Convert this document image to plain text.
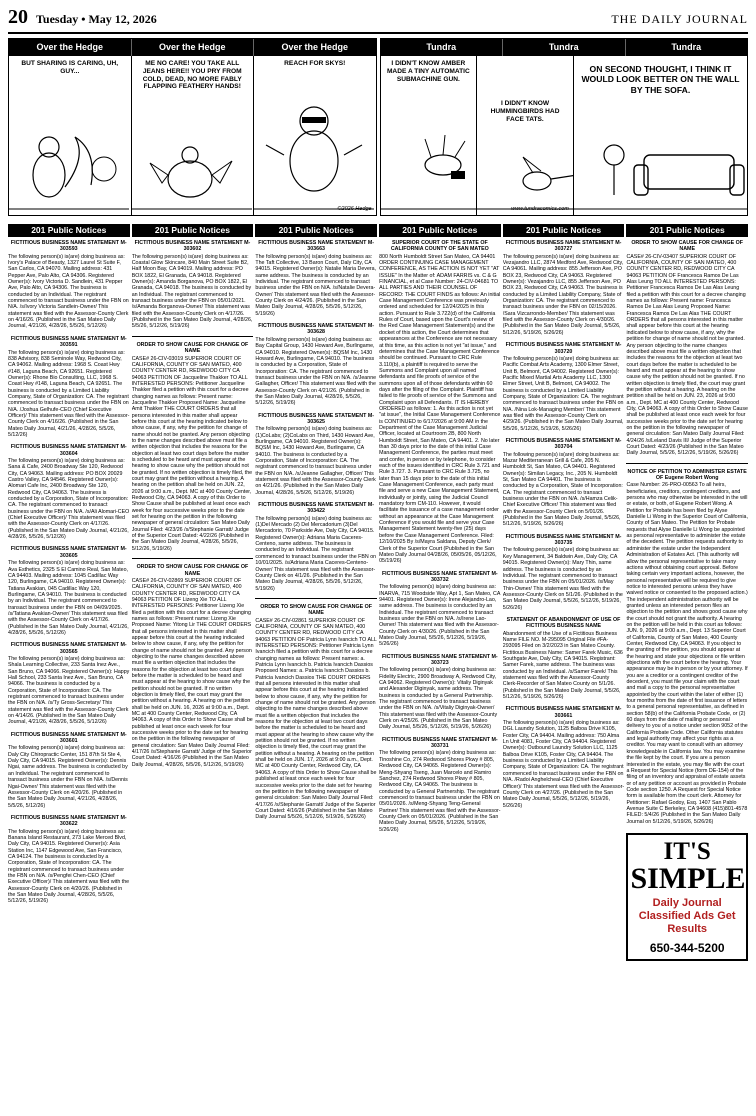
20 Tuesday • May 12, 2026	THE DAILY JOURNAL
Over the Hedge	Over the Hedge	Over the Hedge
BUT SHARING IS CARING, UH, GUY...
ME NO CARE! YOU TAKE ALL JEANS HERE!! YOU PRY FROM COLD, DEAD, NO MORE FABLY FLAPPING FEATHERY HANDS!
REACH FOR SKYS!
©2026 Hedge
Tundra	Tundra	Tundra
I DIDN'T KNOW AMBER MADE A TINY AUTOMATIC SUBMACHINE GUN.
I DIDN'T KNOW HUMMINGBIRDS HAD FACE TATS.
www.tundracomics.com
ON SECOND THOUGHT, I THINK IT WOULD LOOK BETTER ON THE WALL BY THE SOFA.
201 Public Notices
FICTITIOUS BUSINESS NAME STATEMENT M-303593

The following person(s) is(are) doing business as: Ivory's Palace of Beauty, 1327 Laurel St Suite F, San Carlos, CA 94070. Mailing address: 431 Pepper Ave, Palo Alto, CA 94306. Registered Owner(s): Ivory Victoria D. Sandlein, 431 Pepper Ave, Palo Alto, CA 94306. The business is conducted by an Individual. The registrant commenced to transact business under the FBN on N/A. /s/Ivory Victoria Sandlein-Owner/ This statement was filed with the Assessor-County Clerk on 4/16/26. (Published in the San Mateo Daily Journal, 4/21/26, 4/28/26, 5/5/26, 5/12/26)

FICTITIOUS BUSINESS NAME STATEMENT M-303591

The following person(s) is(are) doing business as: 838 Advisory, 838 Seminole Way, Redwood City, CA 94062. Mailing address: 1968 S. Coast Hwy #148, Laguna Beach, CA 92651. Registered Owner(s): Rhone Bio Consulting, LLC, 1968 S. Coast Hwy #148, Laguna Beach, CA 92651. The business is conducted by a Limited Liability Company, State of Organization: CA. The registrant commenced to transact business under the FBN on N/A. /Joshua Gelhufe-CEO (Chief Executive Officer)/ This statement was filed with the Assessor-County Clerk on 4/16/26. (Published in the San Mateo Daily Journal, 4/21/26, 4/28/26, 5/5/26, 5/12/26)

FICTITIOUS BUSINESS NAME STATEMENT M-303604

The following person(s) is(are) doing business as: Sana & Cafe, 2400 Broadway Ste 120, Redwood City, CA 94063. Mailing address: PO BOX 20029 Castro Valley, CA 94546. Registered Owner(s): Alomari Cafe Inc, 2400 Broadway Ste 120, Redwood City, CA 94063. The business is conducted by a Corporation, State of Incorporation: CA. The registrant commenced to transact business under the FBN on N/A. /s/Ali Alomari-CEO (Chief Executive Officer)/ This statement was filed with the Assessor-County Clerk on 4/17/26. (Published in the San Mateo Daily Journal, 4/21/26, 4/28/26, 5/5/26, 5/12/26)

FICTITIOUS BUSINESS NAME STATEMENT M-303605

The following person(s) is(are) doing business as: Ava Esthetics, 2325 S El Camino Real, San Mateo, CA 94403. Mailing address: 1045 Cadillac Way 120, Burlingame, CA 94010. Registered Owner(s): Tatiana Avakian, 045 Cadillac Way 120, Burlingame, CA 94010. The business is conducted by an Individual. The registrant commenced to transact business under the FBN on 04/09/2025. /s/Tatiana Avakian-Owner/ This statement was filed with the Assessor-County Clerk on 4/17/26. (Published in the San Mateo Daily Journal, 4/21/26, 4/28/26, 5/5/26, 5/12/26)

FICTITIOUS BUSINESS NAME STATEMENT M-303565

The following person(s) is(are) doing business as: Shala Learning Collective, 233 Santa Inez Ave., San Bruno, CA 94066. Registered Owner(s): Happy Hall School, 233 Santa Inez Ave., San Bruno, CA 94066. The business is conducted by a Corporation, State of Incorporation: CA. The registrant commenced to transact business under the FBN on N/A. /s/Ty Gross-Secretary/ This statement was filed with the Assessor-County Clerk on 4/14/26. (Published in the San Mateo Daily Journal, 4/21/26, 4/28/26, 5/5/26, 5/12/26)

FICTITIOUS BUSINESS NAME STATEMENT M-303601

The following person(s) is(are) doing business as: Daly City Chiropractic Center, 151 87th St Ste 4, Daly City, CA 94015. Registered Owner(s): Dennis Ngai, same address. The business is conducted by an Individual. The registrant commenced to transact business under the FBN on N/A. /s/Dennis Ngai-Owner/ This statement was filed with the Assessor-County Clerk on 4/20/26. (Published in the San Mateo Daily Journal, 4/21/26, 4/28/26, 5/5/26, 5/12/26)

FICTITIOUS BUSINESS NAME STATEMENT M-303622

The following person(s) is(are) doing business as: Banana Island Restaurant, 273 Lake Merced Blvd, Daly City, CA 94015. Registered Owner(s): Asia Station Inc, 1147 Edgewood Ave, San Francisco, CA 94124. The business is conducted by a Corporation, State of Incorporation: CA. The registrant commenced to transact business under the FBN on N/A. /s/Pengfei Chen-CEO (Chief Executive Officer)/ This statement was filed with the Assessor-County Clerk on 4/20/26. (Published in the San Mateo Daily Journal, 4/28/26, 5/5/26, 5/12/26, 5/19/26)

201 Public Notices
FICTITIOUS BUSINESS NAME STATEMENT M-303602

The following person(s) is(are) doing business as: Coastal Glow Skincare, 840 Main Street Suite B2, Half Moon Bay, CA 94019. Mailing address: PO BOX 1822, El Granada, CA 94018. Registered Owner(s): Amanda Borganova, PO BOX 1822, El Granada, CA 94018. The business is conducted by an Individual. The registrant commenced to transact business under the FBN on 05/01/2021. /s/Amanda Borganova-Owner/ This statement was filed with the Assessor-County Clerk on 4/17/26. (Published in the San Mateo Daily Journal, 4/28/26, 5/5/26, 5/12/26, 5/19/26)

ORDER TO SHOW CAUSE FOR CHANGE OF NAME

CASE# 26-CIV-03019 SUPERIOR COURT OF CALIFORNIA, COUNTY OF SAN MATEO, 400 COUNTY CENTER RD, REDWOOD CITY CA 94063 PETITION OF Jacqueline Thakker TO ALL INTERESTED PERSONS: Petitioner Jacqueline Thakker filed a petition with this court for a decree changing names as follows: Present name: Jacqueline Thakker Proposed Name: Jacqueline Amit Thakker THE COURT ORDERS that all persons interested in this matter shall appear before this court at the hearing indicated below to show cause, if any, why the petition for change of name should not be granted. Any person objecting to the name changes described above must file a written objection that includes the reasons for the objection at least two court days before the matter is scheduled to be heard and must appear at the hearing to show cause why the petition should not be granted. If no written objection is timely filed, the court may grant the petition without a hearing. A hearing on the petition shall be held on JUN. 22, 2026 at 9:00 a.m., Dept. MC at 400 County Center, Redwood City, CA 94063. A copy of this Order to Show Cause shall be published at least once each week for four successive weeks prior to the date set for hearing on the petition in the following newspaper of general circulation: San Mateo Daily Journal Filed: 4/23/26 /s/Stephanie Garratt/ Judge of the Superior Court Dated: 4/22/26 (Published in the San Mateo Daily Journal, 4/28/26, 5/5/26, 5/12/26, 5/19/26)

ORDER TO SHOW CAUSE FOR CHANGE OF NAME

CASE# 26-CIV-02869 SUPERIOR COURT OF CALIFORNIA, COUNTY OF SAN MATEO, 400 COUNTY CENTER RD, REDWOOD CITY CA 94063 PETITION OF Lizeng Xie TO ALL INTERESTED PERSONS: Petitioner Lizeng Xie filed a petition with this court for a decree changing names as follows: Present name: Lizeng Xie Proposed Name: Yitong Lir THE COURT ORDERS that all persons interested in this matter shall appear before this court at the hearing indicated below to show cause, if any, why the petition for change of name should not be granted. Any person objecting to the name changes described above must file a written objection that includes the reasons for the objection at least two court days before the matter is scheduled to be heard and must appear at the hearing to show cause why the petition should not be granted. If no written objection is timely filed, the court may grant the petition without a hearing. A hearing on the petition shall be held on JUN. 16, 2026 at 9:00 a.m., Dept. MC at 400 County Center, Redwood City, CA 94063. A copy of this Order to Show Cause shall be published at least once each week for four successive weeks prior to the date set for hearing on the petition in the following newspaper of general circulation: San Mateo Daily Journal Filed: 4/17/26 /s/Stephanie Garratt/ Judge of the Superior Court Dated: 4/16/26 (Published in the San Mateo Daily Journal, 4/28/26, 5/5/26, 5/12/26, 5/19/26)

201 Public Notices
FICTITIOUS BUSINESS NAME STATEMENT M-303663

The following person(s) is(are) doing business as: The Taft Collective, 13 Baron Court, Daly City, CA 94015. Registered Owner(s): Natalie Maria Devera, same address. The business is conducted by an Individual. The registrant commenced to transact business under the FBN on N/A. /s/Natalie Devera-Owner/ This statement was filed with the Assessor-County Clerk on 4/24/26. (Published in the San Mateo Daily Journal, 4/28/26, 5/5/26, 5/12/26, 5/19/26)

FICTITIOUS BUSINESS NAME STATEMENT M-303628

The following person(s) is(are) doing business as: Bay Capital Group, 1430 Howard Ave, Burlingame, CA 94010. Registered Owner(s): BQSM Inc, 1430 Howard Ave, Burlingame, CA 94010. The business is conducted by a Corporation, State of Incorporation: CA. The registrant commenced to transact business under the FBN on N/A. /s/Jeanne Gallagher, Officer/ This statement was filed with the Assessor-County Clerk on 4/21/26. (Published in the San Mateo Daily Journal, 4/28/26, 5/5/26, 5/12/26, 5/19/26)

FICTITIOUS BUSINESS NAME STATEMENT M-303625

The following person(s) is(are) doing business as: (1)CoLabs; (2)CoLabs on Third, 1430 Howard Ave, Burlingame, CA 94010. Registered Owner(s): BQSM Inc, 1430 Howard Ave, Burlingame, CA 94010. The business is conducted by a Corporation, State of Incorporation: CA. The registrant commenced to transact business under the FBN on N/A. /s/Jeanne Gallagher, Officer/ This statement was filed with the Assessor-County Clerk on 4/21/26. (Published in the San Mateo Daily Journal, 4/28/26, 5/5/26, 5/12/26, 5/19/26)

FICTITIOUS BUSINESS NAME STATEMENT M-303422

The following person(s) is(are) doing business as: (1)Del Mercado (2) Del Mercadorium (3)Del Mercadorio, 70 Parkside Ave, Daly City, CA 94015. Registered Owner(s): Adriana Maria Caceres-Centeno, same address. The business is conducted by an Individual. The registrant commenced to transact business under the FBN on 10/01/2025. /s/Adriana Maria Caceres-Centeno-Owner/ This statement was filed with the Assessor-County Clerk on 4/1/26. (Published in the San Mateo Daily Journal, 4/28/26, 5/5/26, 5/12/26, 5/19/26)

ORDER TO SHOW CAUSE FOR CHANGE OF NAME

CASE# 26-CIV-02861 SUPERIOR COURT OF CALIFORNIA, COUNTY OF SAN MATEO, 400 COUNTY CENTER RD, REDWOOD CITY CA 94063 PETITION OF Patricia Lynn Ivancich TO ALL INTERESTED PERSONS: Petitioner Patricia Lynn Ivancich filed a petition with this court for a decree changing names as follows: Present names: a. Patricia Lynn Ivancich b. Patricia Ivancich Dassios Proposed Names: a. Patricia Ivancich Dassios b. Patricia Ivancich Dassios THE COURT ORDERS that all persons interested in this matter shall appear before this court at the hearing indicated below to show cause, if any, why the petition for change of name should not be granted. Any person objecting to the name changes described above must file a written objection that includes the reasons for the objection at least two court days before the matter is scheduled to be heard and must appear at the hearing to show cause why the petition should not be granted. If no written objection is timely filed, the court may grant the petition without a hearing. A hearing on the petition shall be held on JUN. 17, 2026 at 9:00 a.m., Dept. MC at 400 County Center, Redwood City, CA 94063. A copy of this Order to Show Cause shall be published at least once each week for four successive weeks prior to the date set for hearing on the petition in the following newspaper of general circulation: San Mateo Daily Journal Filed: 4/17/26 /s/Stephanie Garratt/ Judge of the Superior Court Dated: 4/16/26 (Published in the San Mateo Daily Journal 5/5/26, 5/12/26, 5/19/26, 5/26/26)

201 Public Notices
SUPERIOR COURT OF THE STATE OF CALIFORNIA COUNTY OF SAN MATEO

800 North Humboldt Street San Mateo, CA 94401 ORDER CONTINUING CASE MANAGEMENT CONFERENCE, AS THE ACTION IS NOT YET "AT ISSUE" In the Matter of: ADAM FARRIS vs. C & G FINANCIAL, et al Case Number: 24-CIV-04681 TO ALL PARTIES AND THEIR COUNSEL OF RECORD: THE COURT FINDS as follows: An initial Case Management Conference was previously ordered and scheduled for 12/24/2025 in this action. Pursuant to Rule 3.722(d) of the California Rules of Court, based upon the Court's review of the Red Case Management Statement(s) and the docket of this action, the Court determines that appearances at the Conference are not necessary at this time, as this action is not yet "at issue," and determines that the Case Management Conference should be continued. Pursuant to CRC Rule 3.110(b), a plaintiff is required to serve the Summons and Complaint upon all named defendants and file proofs of service of the summons upon all of those defendants within 60 days after the filing of the Complaint. Plaintiff has failed to file proofs of service of the Summons and Complaint upon all Defendants. IT IS HEREBY ORDERED as follows: 1. As this action is not yet "at issue", the Initial Case Management Conference is CONTINUED to 6/17/2026 at 9:00 AM in the Department of the Case Management Judicial Officer, located at Courtroom 2B, 800 North Humboldt Street, San Mateo, CA 94401. 2. No later than 30 days prior to the date of this initial Case Management Conference, the parties must meet and confer, in person or by telephone, to consider each of the issues identified in CRC Rule 3.721 and Rule 3.727. 3. Pursuant to CRC Rule 3.725, no later than 15 days prior to the date of this initial Case Management Conference, each party must file and serve a new Case Management Statement, individually or jointly, using the Judicial Council mandatory form CM-110. However, it would facilitate the issuance of a case management order without an appearance at the Case Management Conference if you would file and serve your Case Management Statement twenty-five (25) days before the Case Management Conference. Filed: 12/10/2025 By /s/Mayra Saldana, Deputy Clerk/ Clerk of the Superior Court (Published in the San Mateo Daily Journal 04/28/26, 05/05/26, 05/12/26, 05/19/26)

FICTITIOUS BUSINESS NAME STATEMENT M-303732

The following person(s) is(are) doing business as: INARVA, 715 Woodside Way, Apt 1, San Mateo, CA 94401. Registered Owner(s): Irene Alejandro-Lao, same address. The business is conducted by an Individual. The registrant commenced to transact business under the FBN on N/A. /s/Irene Lao-Owner/ This statement was filed with the Assessor-County Clerk on 4/30/26. (Published in the San Mateo Daily Journal, 5/5/26, 5/12/26, 5/19/26, 5/26/26)

FICTITIOUS BUSINESS NAME STATEMENT M-303723

The following person(s) is(are) doing business as: Fidelity Electric, 2900 Broadway A, Redwood City, CA 94062. Registered Owner(s): Vitaliy Diginyak and Alexander Diginyak, same address. The business is conducted by a General Partnership. The registrant commenced to transact business under the FBN on N/A. /s/Vitaliy Diginyak-Owner/ This statement was filed with the Assessor-County Clerk on 4/25/26. (Published in the San Mateo Daily Journal, 5/5/26, 5/12/26, 5/19/26, 5/26/26)

FICTITIOUS BUSINESS NAME STATEMENT M-303731

The following person(s) is(are) doing business as: Tinoshine Co, 274 Redwood Shores Pkwy # 805, Redwood City, CA 94065. Registered Owner(s): Meng-Shyang Tseng, Juan Marcelo and Ramiro Sanchez, 274 Redwood Shores Pkwy # 805, Redwood City, CA 94065. The business is conducted by a General Partnership. The registrant commenced to transact business under the FBN on 05/01/2026. /s/Meng-Shyang Teng-General Partner/ This statement was filed with the Assessor-County Clerk on 05/01/2026. (Published in the San Mateo Daily Journal, 5/5/26, 5/12/26, 5/19/26, 5/26/26)

201 Public Notices
FICTITIOUS BUSINESS NAME STATEMENT M-303727

The following person(s) is(are) doing business as: Vezajandro LLC, 2874 Medford Ave, Redwood City, CA 94061. Mailing address: 855 Jefferson Ave, PO BOX 23, Redwood City, CA 94063. Registered Owner(s): Vezajandro LLC, 855 Jefferson Ave, PO BOX 23, Redwood City, CA 94063. The business is conducted by a Limited Liability Company, State of Organization: CA. The registrant commenced to transact business under the FBN on 02/15/2026. /Sara Vizcarrondo-Member/ This statement was filed with the Assessor-County Clerk on 4/30/26. (Published in the San Mateo Daily Journal, 5/5/26, 5/12/26, 5/19/26, 5/26/26)

FICTITIOUS BUSINESS NAME STATEMENT M-303720

The following person(s) is(are) doing business as: Pacific Combat Arts Academy, 1300 Elmer Street, Unit B, Belmont, CA 94002. Registered Owner(s): Pacific Mixed Martial Arts Academy LLC, 1300 Elmer Street, Unit B, Belmont, CA 94002. The business is conducted by a Limited Liability Company, State of Organization: CA. The registrant commenced to transact business under the FBN on N/A. /Nina Lok-Managing Member/ This statement was filed with the Assessor-County Clerk on 4/29/26. (Published in the San Mateo Daily Journal, 5/5/26, 5/12/26, 5/19/26, 5/26/26)

FICTITIOUS BUSINESS NAME STATEMENT M-303704

The following person(s) is(are) doing business as: Mazar Mediterranean Grill & Cafe, 205 N. Humboldt St, San Mateo, CA 94401. Registered Owner(s): Similan Legacy, Inc., 205 N. Humboldt St, San Mateo CA 94401. The business is conducted by a Corporation, State of Incorporation: CA. The registrant commenced to transact business under the FBN on N/A. /s/Hamza Celik-Chief Executive Officer/ This statement was filed with the Assessor-County Clerk on 5/01/26. (Published in the San Mateo Daily Journal, 5/5/26, 5/12/26, 5/19/26, 5/26/26)

FICTITIOUS BUSINESS NAME STATEMENT M-303735

The following person(s) is(are) doing business as: Key Management, 34 Baldwin Ave, Daly City, CA 94015. Registered Owner(s): Mary Thin, same address. The business is conducted by an Individual. The registrant commenced to transact business under the FBN on 05/01/2026. /s/May Thin-Owner/ This statement was filed with the Assessor-County Clerk on 5/1/26. (Published in the San Mateo Daily Journal, 5/5/26, 5/12/26, 5/19/26, 5/26/26)

STATEMENT OF ABANDONMENT OF USE OF FICTITIOUS BUSINESS NAME

Abandonment of the Use of a Fictitious Business Name FILE NO. M-295095 Original File #FA-293095 Filed on 3/2/2023 in San Mateo County. Fictitious Business Name: Samer Farek Music, 636 Southgate Ave, Daly City, CA 94015. Registrant: Samer Farek, same address. The business was conducted by an Individual. /s/Samer Farek/ This statement was filed with the Assessor-County Clerk-Recorder of San Mateo County on 5/1/26. (Published in the San Mateo Daily Journal, 5/5/26, 5/12/26, 5/19/26, 5/26/26)

FICTITIOUS BUSINESS NAME STATEMENT M-303661

The following person(s) is(are) doing business as: DGL Laundry Solution, 1125 Balboa Drive K105, Foster City, CA 94404. Mailing address: 750 Alma Ln Unit 4081, Foster City, CA 94404. Registered Owner(s): Outbound Laundry Solution LLC, 1125 Balboa Drive K105, Foster City, CA 94404. The business is conducted by a Limited Liability Company, State of Organization: CA. The registrant commenced to transact business under the FBN on N/A. /Radoi Anghelcheal-CEO (Chief Executive Officer)/ This statement was filed with the Assessor-County Clerk on 4/27/26. (Published in the San Mateo Daily Journal, 5/5/26, 5/12/26, 5/19/26, 5/26/26)

201 Public Notices
ORDER TO SHOW CAUSE FOR CHANGE OF NAME

CASE# 26-CIV-03407 SUPERIOR COURT OF CALIFORNIA, COUNTY OF SAN MATEO, 400 COUNTY CENTER RD, REDWOOD CITY CA 94063 PETITION OF Francesca Ramos De Las Alas Leung TO ALL INTERESTED PERSONS: Petitioner Francesca Ramos De Las Alas Leung filed a petition with this court for a decree changing names as follows: Present name: Francesca Ramos De Las Alas Leung Proposed Name: Francesca Ramos De Las Alas THE COURT ORDERS that all persons interested in this matter shall appear before this court at the hearing indicated below to show cause, if any, why the petition for change of name should not be granted. Any person objecting to the name changes described above must file a written objection that includes the reasons for the objection at least two court days before the matter is scheduled to be heard and must appear at the hearing to show cause why the petition should not be granted. If no written objection is timely filed, the court may grant the petition without a hearing. A hearing on the petition shall be held on JUN. 23, 2026 at 9:00 a.m., Dept. MC at 400 County Center, Redwood City, CA 94063. A copy of this Order to Show Cause shall be published at least once each week for four successive weeks prior to the date set for hearing on the petition in the following newspaper of general circulation: San Mateo Daily Journal Filed: 4/24/26 /s/Leland Davis III/ Judge of the Superior Court Dated: 4/23/26 (Published in the San Mateo Daily Journal, 5/5/26, 5/12/26, 5/19/26, 5/26/26)

NOTICE OF PETITION TO ADMINISTER ESTATE OF Eugene Robert Wong

Case Number: 26-PRO-00563 To all heirs, beneficiaries, creditors, contingent creditors, and persons who may otherwise be interested in the will or estate, or both, of Eugene Robert Wong. A Petition for Probate has been filed by Alyse Danielle Li Wong in the Superior Court of California, County of San Mateo. The Petition for Probate requests that Alyse Danielle Li Wong be appointed as personal representative to administer the estate of the decedent. The petition requests authority to administer the estate under the Independent Administration of Estates Act. (This authority will allow the personal representative to take many actions without obtaining court approval. Before taking certain very important actions, however, the personal representative will be required to give notice to interested persons unless they have waived notice or consented to the proposed action.) The independent administration authority will be granted unless an interested person files an objection to the petition and shows good cause why the court should not grant the authority. A hearing on the petition will be held in this court as follows: JUN. 9, 2026 at 9:00 a.m., Dept. 13 Superior Court of California, County of San Mateo, 400 County Center, Redwood City, CA 94063. If you object to the granting of the petition, you should appear at the hearing and state your objections or file written objections with the court before the hearing. Your appearance may be in person or by your attorney. If you are a creditor or a contingent creditor of the decedent, you must file your claim with the court and mail a copy to the personal representative appointed by the court within the later of either (1) four months from the date of first issuance of letters to a general personal representative, as defined in section 58(b) of the California Probate Code, or (2) 60 days from the date of mailing or personal delivery to you of a notice under section 9052 of the California Probate Code. Other California statutes and legal authority may affect your rights as a creditor. You may want to consult with an attorney knowledgeable in California law. You may examine the file kept by the court. If you are a person interested in the estate, you may file with the court a Request for Special Notice (form DE-154) of the filing of an inventory and appraisal of estate assets or of any petition or account as provided in Probate Code section 1250. A Request for Special Notice form is available from the court clerk. Attorney for Petitioner: Rafael Godoy, Esq. 1407 San Pablo Avenue Suite C Berkeley, CA 94608 (415)801-4578 FILED: 5/4/26 (Published in the San Mateo Daily Journal on 5/12/26, 5/19/26, 5/26/26)

IT'S
SIMPLE
Daily Journal Classified Ads Get Results
650-344-5200
